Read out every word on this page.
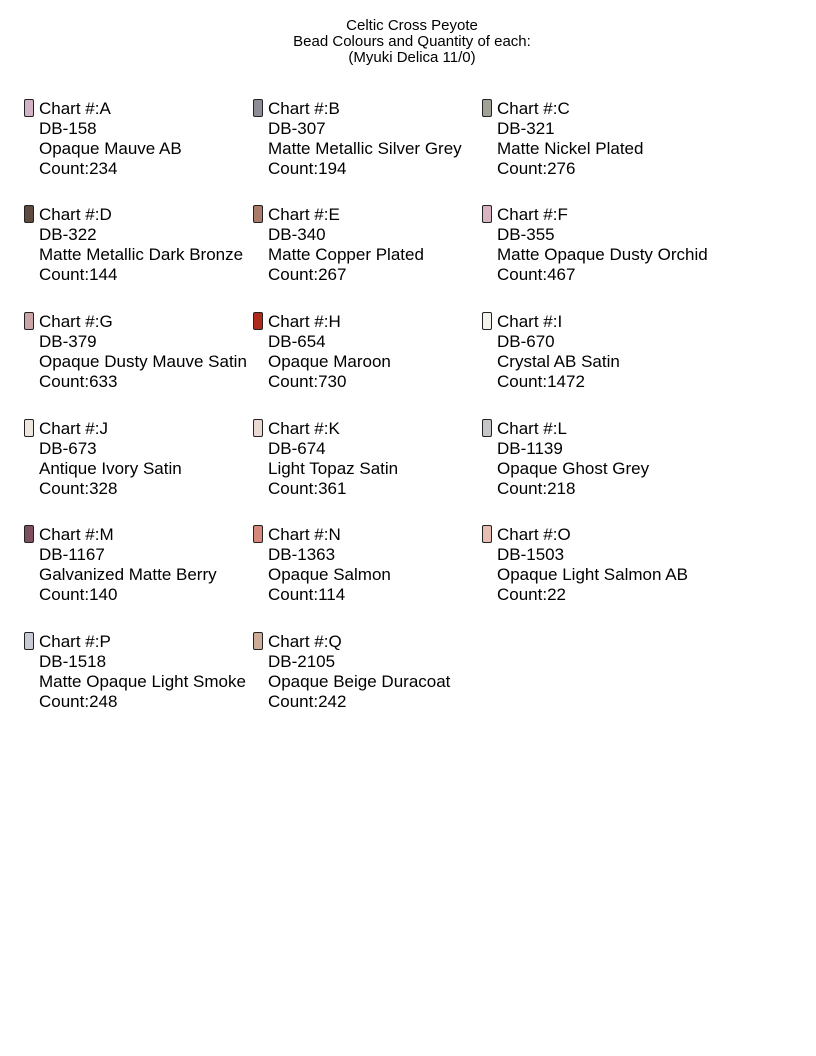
Celtic Cross Peyote
Bead Colours and Quantity of each:
(Myuki Delica 11/0)
Chart #:A
DB-158
Opaque Mauve AB
Count:234
Chart #:B
DB-307
Matte Metallic Silver Grey
Count:194
Chart #:C
DB-321
Matte Nickel Plated
Count:276
Chart #:D
DB-322
Matte Metallic Dark Bronze
Count:144
Chart #:E
DB-340
Matte Copper Plated
Count:267
Chart #:F
DB-355
Matte Opaque Dusty Orchid
Count:467
Chart #:G
DB-379
Opaque Dusty Mauve Satin
Count:633
Chart #:H
DB-654
Opaque Maroon
Count:730
Chart #:I
DB-670
Crystal AB Satin
Count:1472
Chart #:J
DB-673
Antique Ivory Satin
Count:328
Chart #:K
DB-674
Light Topaz Satin
Count:361
Chart #:L
DB-1139
Opaque Ghost Grey
Count:218
Chart #:M
DB-1167
Galvanized Matte Berry
Count:140
Chart #:N
DB-1363
Opaque Salmon
Count:114
Chart #:O
DB-1503
Opaque Light Salmon AB
Count:22
Chart #:P
DB-1518
Matte Opaque Light Smoke
Count:248
Chart #:Q
DB-2105
Opaque Beige Duracoat
Count:242
